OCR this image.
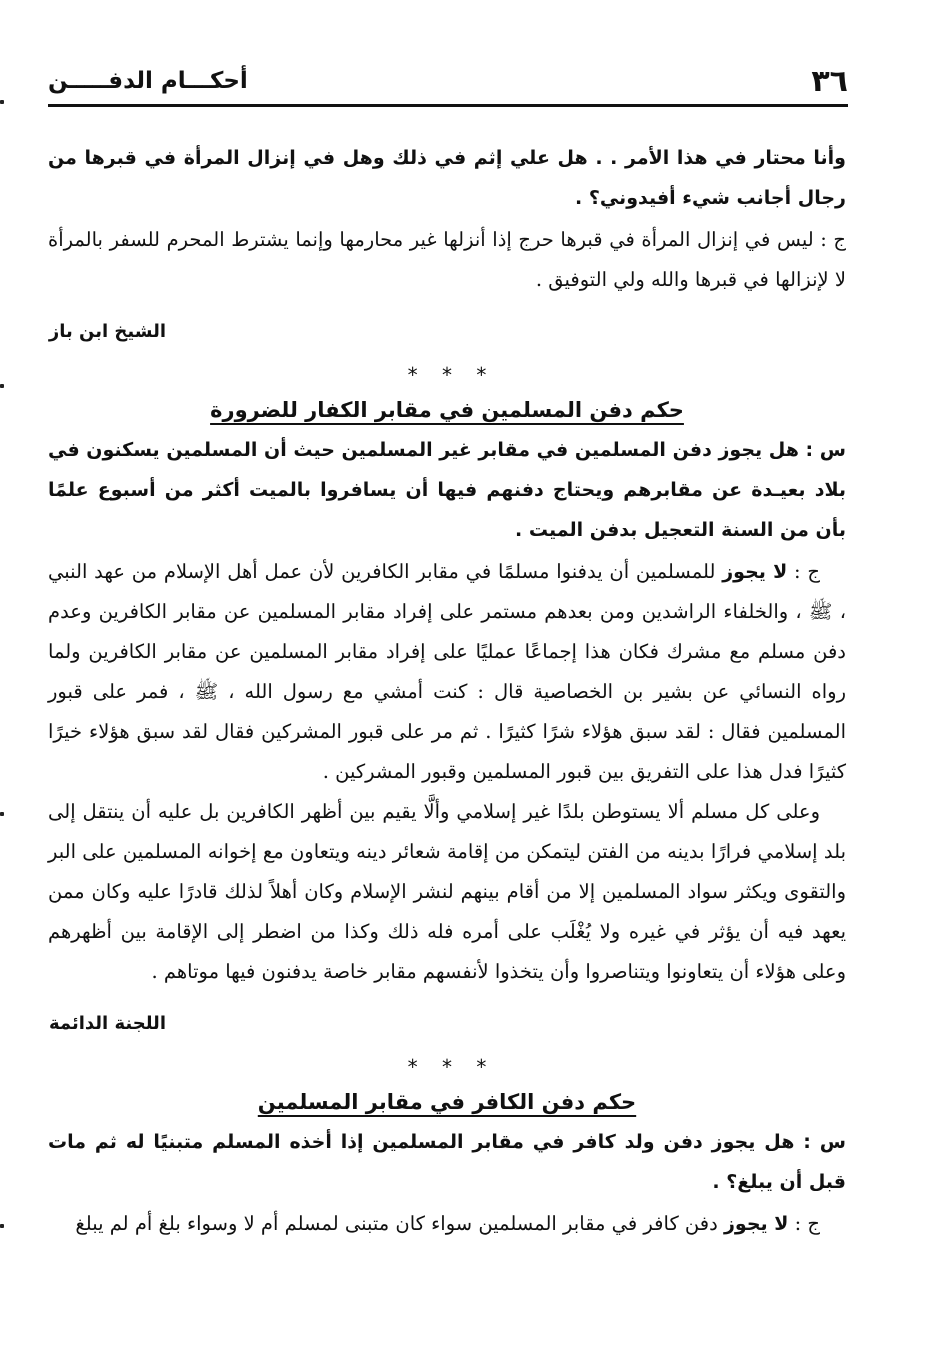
٣٦
أحكـــام الدفـــــن

وأنا محتار في هذا الأمر . . هل علي إثم في ذلك وهل في إنزال المرأة في قبرها من رجال أجانب شيء أفيدوني؟ .

ج : ليس في إنزال المرأة في قبرها حرج إذا أنزلها غير محارمها وإنما يشترط المحرم للسفر بالمرأة لا لإنزالها في قبرها والله ولي التوفيق .

الشيخ ابن باز

* * *

حكم دفن المسلمين في مقابر الكفار للضرورة

س : هل يجوز دفن المسلمين في مقابر غير المسلمين حيث أن المسلمين يسكنون في بلاد بعيـدة عن مقابرهم ويحتاج دفنهم فيها أن يسافروا بالميت أكثر من أسبوع علمًا بأن من السنة التعجيل بدفن الميت .

ج : لا يجوز للمسلمين أن يدفنوا مسلمًا في مقابر الكافرين لأن عمل أهل الإسلام من عهد النبي ، ﷺ ، والخلفاء الراشدين ومن بعدهم مستمر على إفراد مقابر المسلمين عن مقابر الكافرين وعدم دفن مسلم مع مشرك فكان هذا إجماعًا عمليًا على إفراد مقابر المسلمين عن مقابر الكافرين ولما رواه النسائي عن بشير بن الخصاصية قال : كنت أمشي مع رسول الله ، ﷺ ، فمر على قبور المسلمين فقال : لقد سبق هؤلاء شرًا كثيرًا . ثم مر على قبور المشركين فقال لقد سبق هؤلاء خيرًا كثيرًا فدل هذا على التفريق بين قبور المسلمين وقبور المشركين .

وعلى كل مسلم ألا يستوطن بلدًا غير إسلامي وألَّا يقيم بين أظهر الكافرين بل عليه أن ينتقل إلى بلد إسلامي فرارًا بدينه من الفتن ليتمكن من إقامة شعائر دينه ويتعاون مع إخوانه المسلمين على البر والتقوى ويكثر سواد المسلمين إلا من أقام بينهم لنشر الإسلام وكان أهلاً لذلك قادرًا عليه وكان ممن يعهد فيه أن يؤثر في غيره ولا يُغْلَب على أمره فله ذلك وكذا من اضطر إلى الإقامة بين أظهرهم وعلى هؤلاء أن يتعاونوا ويتناصروا وأن يتخذوا لأنفسهم مقابر خاصة يدفنون فيها موتاهم .

اللجنة الدائمة

* * *

حكم دفن الكافر في مقابر المسلمين

س : هل يجوز دفن ولد كافر في مقابر المسلمين إذا أخذه المسلم متبنيًا له ثم مات قبل أن يبلغ؟ .

ج : لا يجوز دفن كافر في مقابر المسلمين سواء كان متبنى لمسلم أم لا وسواء بلغ أم لم يبلغ
